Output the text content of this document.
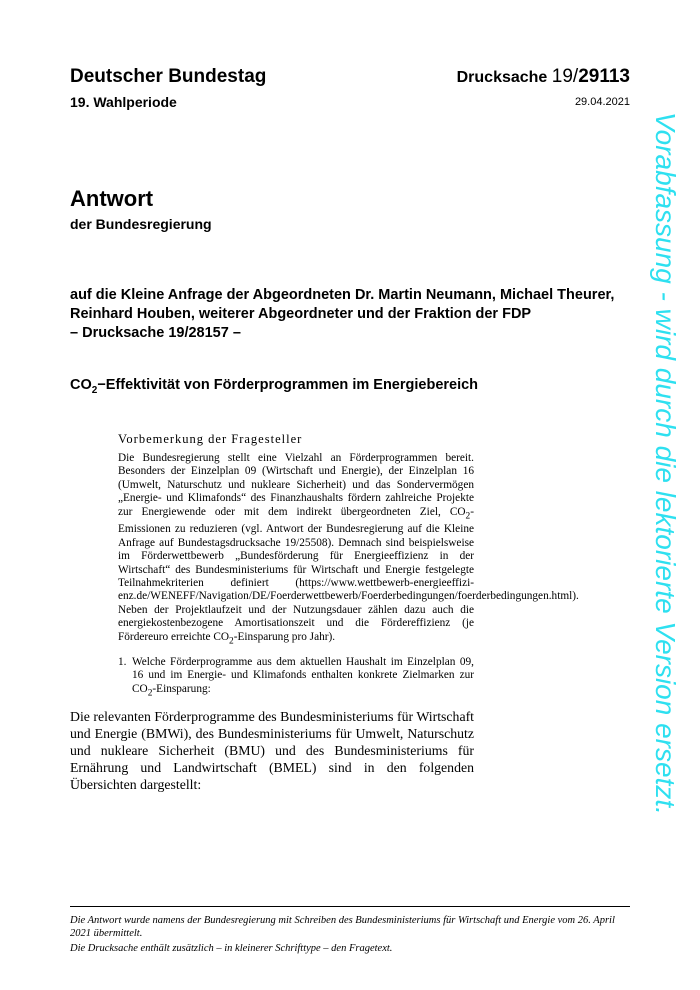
Deutscher Bundestag	Drucksache 19/29113
19. Wahlperiode	29.04.2021
Antwort
der Bundesregierung
auf die Kleine Anfrage der Abgeordneten Dr. Martin Neumann, Michael Theurer,
Reinhard Houben, weiterer Abgeordneter und der Fraktion der FDP
– Drucksache 19/28157 –
$CO_2-Effektivität$ von Förderprogrammen im Energiebereich
Vorbemerkung der Fragesteller

Die Bundesregierung stellt eine Vielzahl an Förderprogrammen bereit. Besonders der Einzelplan 09 (Wirtschaft und Energie), der Einzelplan 16 (Umwelt, Naturschutz und nukleare Sicherheit) und das Sondervermögen „Energie- und Klimafonds“ des Finanzhaushalts fördern zahlreiche Projekte zur Energiewende oder mit dem indirekt übergeordneten Ziel, $CO_2$-Emissionen zu reduzieren (vgl. Antwort der Bundesregierung auf die Kleine Anfrage auf Bundestagsdrucksache 19/25508). Demnach sind beispielsweise im Förderwettbewerb „Bundesförderung für Energieeffizienz in der Wirtschaft“ des Bundesministeriums für Wirtschaft und Energie festgelegte Teilnahmekriterien definiert (https://www.wettbewerb-energieeffizi-enz.de/WENEFF/Navigation/DE/Foerderwettbewerb/Foerderbedingungen/foerderbedingungen.html). Neben der Projektlaufzeit und der Nutzungsdauer zählen dazu auch die energiekostenbezogene Amortisationszeit und die Fördereffizienz (je Fördereuro erreichte $CO_2$-Einsparung pro Jahr).

1. Welche Förderprogramme aus dem aktuellen Haushalt im Einzelplan 09, 16 und im Energie- und Klimafonds enthalten konkrete Zielmarken zur $CO_2$-Einsparung:
Die relevanten Förderprogramme des Bundesministeriums für Wirtschaft und Energie (BMWi), des Bundesministeriums für Umwelt, Naturschutz und nukleare Sicherheit (BMU) und des Bundesministeriums für Ernährung und Landwirtschaft (BMEL) sind in den folgenden Übersichten dargestellt:

Die Antwort wurde namens der Bundesregierung mit Schreiben des Bundesministeriums für Wirtschaft und Energie vom 26. April 2021 übermittelt.

Die Drucksache enthält zusätzlich – in kleinerer Schrifttype – den Fragetext.

Vorabfassung - wird durch die lektorierte Version ersetzt.
